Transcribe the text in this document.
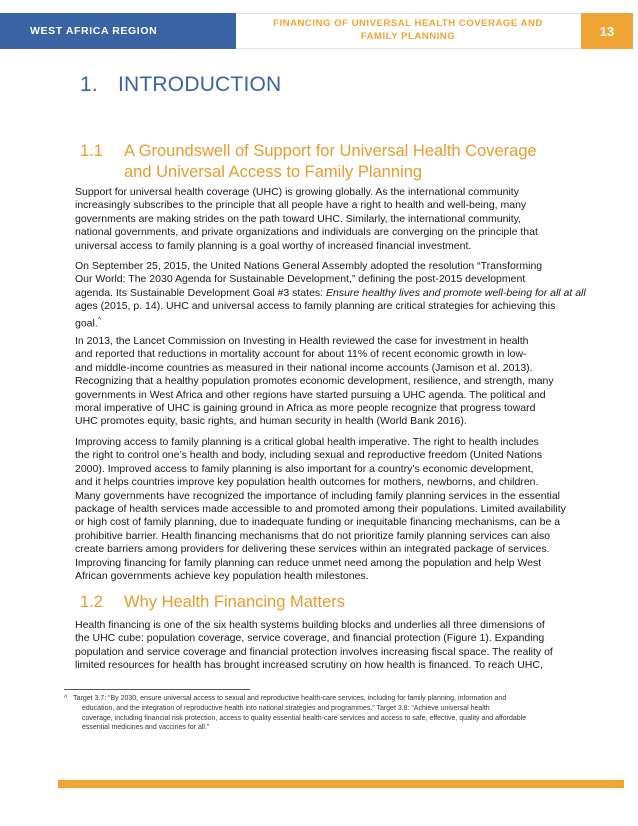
WEST AFRICA REGION
FINANCING OF UNIVERSAL HEALTH COVERAGE AND
FAMILY PLANNING	13
1. INTRODUCTION
1.1 A Groundswell of Support for Universal Health Coverage
and Universal Access to Family Planning
Support for universal health coverage (UHC) is growing globally. As the international community
increasingly subscribes to the principle that all people have a right to health and well-being, many
governments are making strides on the path toward UHC. Similarly, the international community,
national governments, and private organizations and individuals are converging on the principle that
universal access to family planning is a goal worthy of increased financial investment.
On September 25, 2015, the United Nations General Assembly adopted the resolution “Transforming
Our World: The 2030 Agenda for Sustainable Development,” defining the post-2015 development
agenda. Its Sustainable Development Goal #3 states: Ensure healthy lives and promote well-being for all at all
ages (2015, p. 14). UHC and universal access to family planning are critical strategies for achieving this
goal.^
In 2013, the Lancet Commission on Investing in Health reviewed the case for investment in health
and reported that reductions in mortality account for about 11% of recent economic growth in low-
and middle-income countries as measured in their national income accounts (Jamison et al. 2013).
Recognizing that a healthy population promotes economic development, resilience, and strength, many
governments in West Africa and other regions have started pursuing a UHC agenda. The political and
moral imperative of UHC is gaining ground in Africa as more people recognize that progress toward
UHC promotes equity, basic rights, and human security in health (World Bank 2016).
Improving access to family planning is a critical global health imperative. The right to health includes
the right to control one’s health and body, including sexual and reproductive freedom (United Nations
2000). Improved access to family planning is also important for a country’s economic development,
and it helps countries improve key population health outcomes for mothers, newborns, and children.
Many governments have recognized the importance of including family planning services in the essential
package of health services made accessible to and promoted among their populations. Limited availability
or high cost of family planning, due to inadequate funding or inequitable financing mechanisms, can be a
prohibitive barrier. Health financing mechanisms that do not prioritize family planning services can also
create barriers among providers for delivering these services within an integrated package of services.
Improving financing for family planning can reduce unmet need among the population and help West
African governments achieve key population health milestones.
1.2 Why Health Financing Matters
Health financing is one of the six health systems building blocks and underlies all three dimensions of
the UHC cube: population coverage, service coverage, and financial protection (Figure 1). Expanding
population and service coverage and financial protection involves increasing fiscal space. The reality of
limited resources for health has brought increased scrutiny on how health is financed. To reach UHC,
^ Target 3.7: “By 2030, ensure universal access to sexual and reproductive health-care services, including for family planning, information and
education, and the integration of reproductive health into national strategies and programmes.” Target 3.8: “Achieve universal health
coverage, including financial risk protection, access to quality essential health-care services and access to safe, effective, quality and affordable
essential medicines and vaccines for all.”
